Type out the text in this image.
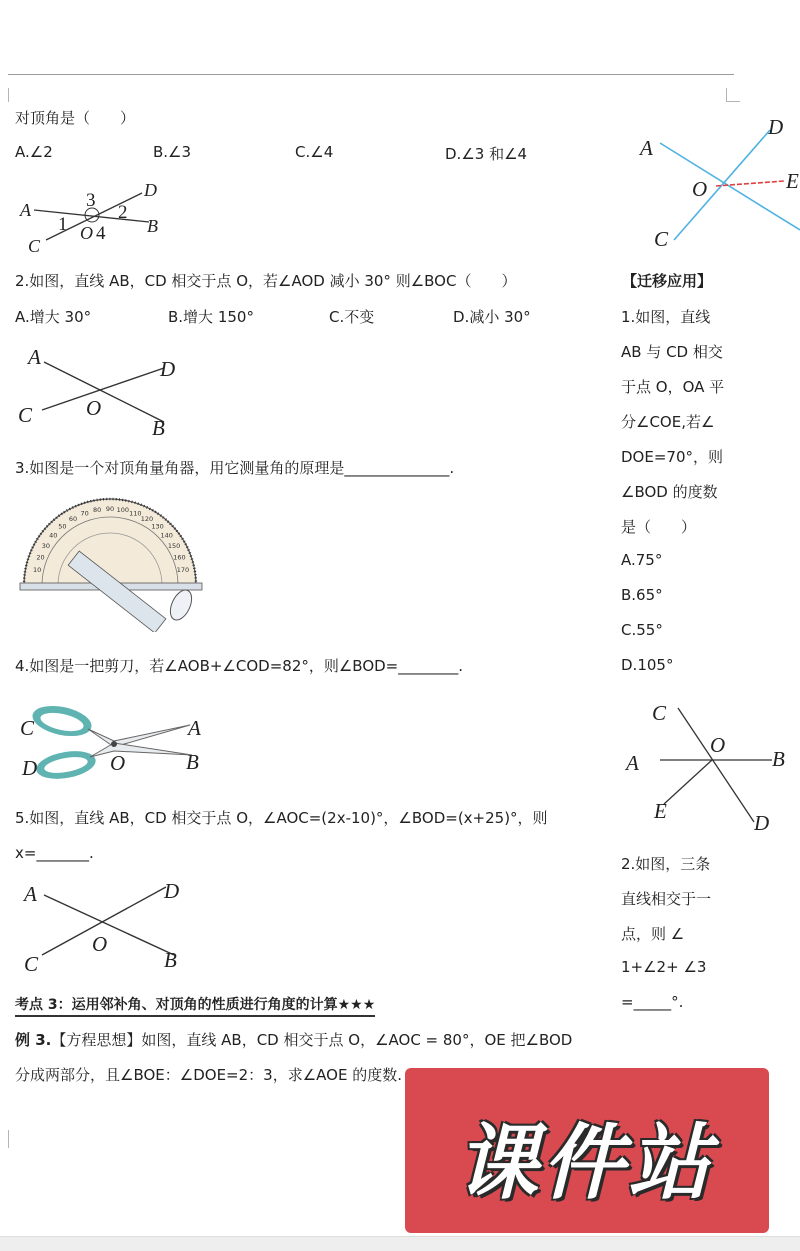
对顶角是（　　）
A.∠2	B.∠3	C.∠4	D.∠3 和∠4
A
C
O
D
B
1
2
3
4
A
O
C
D
E
2.如图，直线 AB，CD 相交于点 O，若∠AOD 减小 30° 则∠BOC（　　）
A.增大 30°	B.增大 150°	C.不变	D.减小 30°
A	D
C	O
B
3.如图是一个对顶角量角器，用它测量角的原理是______________.
10
20
30
40
50
60
70 80 90 100 110
120
130
140
150
160
170
4.如图是一把剪刀，若∠AOB+∠COD=82°，则∠BOD=________.
C	A
D	O	B
5.如图，直线 AB，CD 相交于点 O，∠AOC=(2x-10)°，∠BOD=(x+25)°，则
x=_______.
A	D
O
C	B
考点 3：运用邻补角、对顶角的性质进行角度的计算★★★
例 3.【方程思想】如图，直线 AB，CD 相交于点 O，∠AOC = 80°，OE 把∠BOD
分成两部分，且∠BOE：∠DOE=2：3，求∠AOE 的度数.
【迁移应用】
1.如图，直线
AB 与 CD 相交
于点 O，OA 平
分∠COE,若∠
DOE=70°，则
∠BOD 的度数
是（　　）
A.75°
B.65°
C.55°
D.105°
C
O
A	B
E	D
2.如图，三条
直线相交于一
点，则 ∠
1+∠2+ ∠3
=_____°.
课件站
